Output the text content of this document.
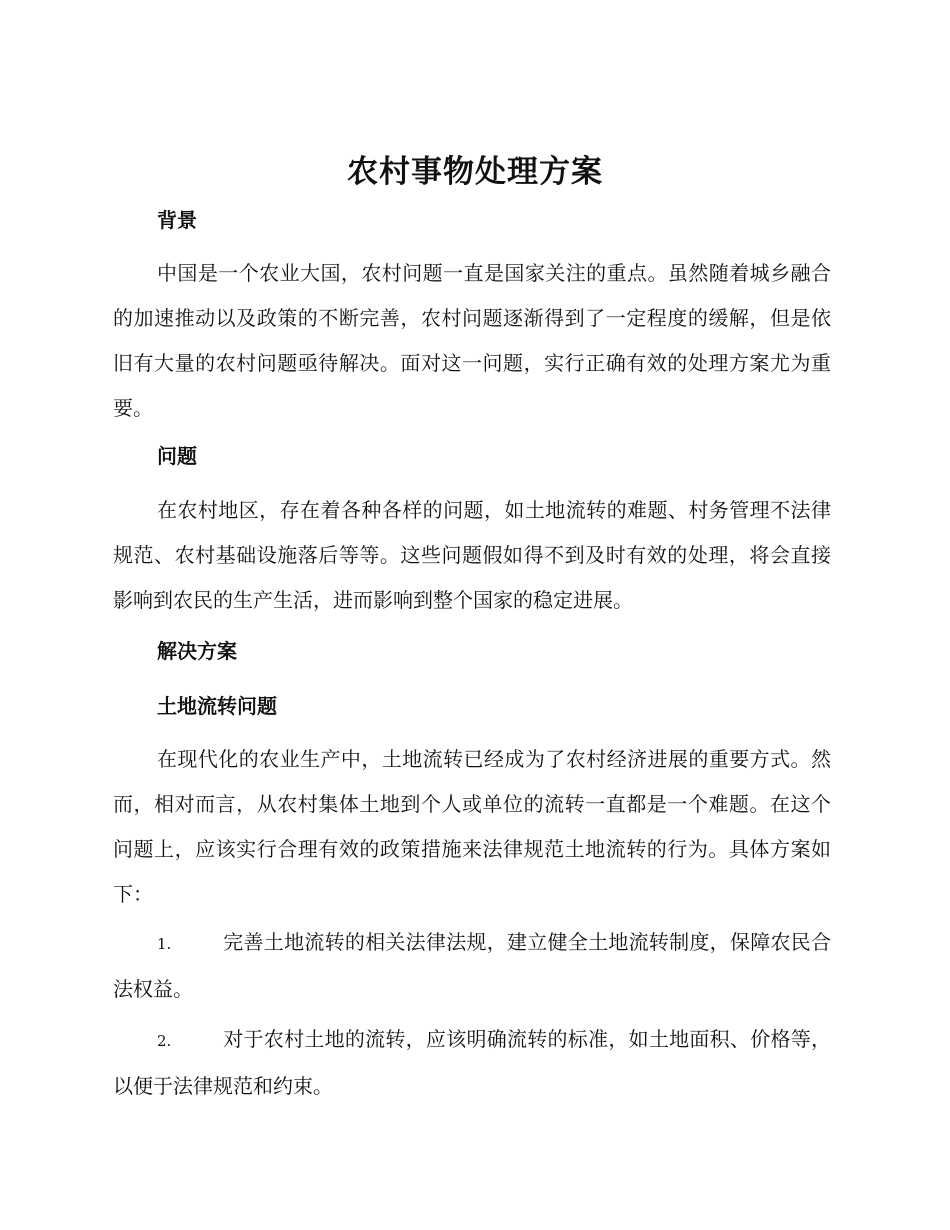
农村事物处理方案
背景

中国是一个农业大国，农村问题一直是国家关注的重点。虽然随着城乡融合的加速推动以及政策的不断完善，农村问题逐渐得到了一定程度的缓解，但是依旧有大量的农村问题亟待解决。面对这一问题，实行正确有效的处理方案尤为重要。

问题

在农村地区，存在着各种各样的问题，如土地流转的难题、村务管理不法律规范、农村基础设施落后等等。这些问题假如得不到及时有效的处理，将会直接影响到农民的生产生活，进而影响到整个国家的稳定进展。

解决方案
土地流转问题

在现代化的农业生产中，土地流转已经成为了农村经济进展的重要方式。然而，相对而言，从农村集体土地到个人或单位的流转一直都是一个难题。在这个问题上，应该实行合理有效的政策措施来法律规范土地流转的行为。具体方案如下：

1.	完善土地流转的相关法律法规，建立健全土地流转制度，保障农民合法权益。

2.	对于农村土地的流转，应该明确流转的标准，如土地面积、价格等，以便于法律规范和约束。
